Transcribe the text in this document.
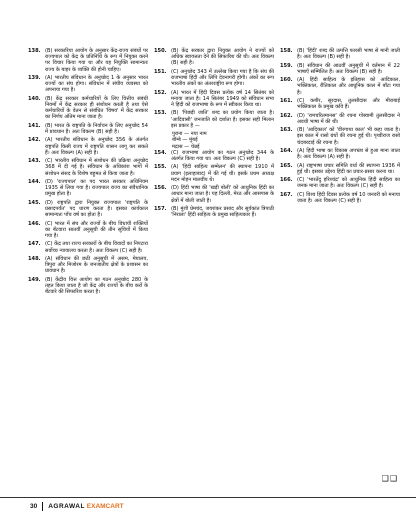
138. (B) सरकारिया आयोग के अनुसार केंद्र-राज्य संबंधों पर राज्यपाल को केंद्र के प्रतिनिधि के रूप में नियुक्त करने पर विचार किया गया था और यह नियुक्ति सामान्यतः राज्य के बाहर के व्यक्ति की होनी चाहिए।
139. (A) भारतीय संविधान के अनुच्छेद 1 के अनुसार भारत राज्यों का संघ होगा। संविधान में संघीय व्यवस्था को अपनाया गया है।
140. (B) केंद्र सरकार कर्मचारियों के लिए वित्तीय संबंधी नियमों में केंद्र सरकार ही संशोधन करती है तथा ऐसे कर्मचारियों के वेतन से संबंधित 'विषय' में केंद्र सरकार का निर्णय अंतिम माना जाता है।
141. (B) भारत के राष्ट्रपति के निर्वाचन के लिए अनुच्छेद 54 में प्रावधान है। अतः विकल्प (B) सही है।
142. (A) भारतीय संविधान के अनुच्छेद 356 के अंतर्गत राष्ट्रपति किसी राज्य में राष्ट्रपति शासन लागू कर सकते हैं। अतः विकल्प (A) सही है।
143. (C) भारतीय संविधान में संशोधन की प्रक्रिया अनुच्छेद 368 में दी गई है। संविधान के अधिकांश भागों में संशोधन संसद के विशेष बहुमत से किया जाता है।
144. (D) 'राज्यपाल' का पद भारत सरकार अधिनियम 1935 से लिया गया है। राज्यपाल राज्य का संवैधानिक प्रमुख होता है।
145. (D) राष्ट्रपति द्वारा नियुक्त राज्यपाल 'राष्ट्रपति के प्रसादपर्यंत' पद धारण करता है। इसका कार्यकाल सामान्यतः पाँच वर्ष का होता है।
146. (C) भारत में संघ और राज्यों के बीच विधायी शक्तियों का बँटवारा सातवीं अनुसूची की तीन सूचियों में किया गया है।
147. (C) केंद्र तथा राज्य सरकारों के बीच विवादों का निपटारा सर्वोच्च न्यायालय करता है। अतः विकल्प (C) सही है।
148. (A) संविधान की छठी अनुसूची में असम, मेघालय, त्रिपुरा और मिजोरम के जनजातीय क्षेत्रों के प्रशासन का प्रावधान है।
149. (B) केंद्रीय वित्त आयोग का गठन अनुच्छेद 280 के तहत किया जाता है जो केंद्र और राज्यों के बीच करों के बँटवारे की सिफारिश करता है।
150. (B) केंद्र सरकार द्वारा नियुक्त आयोग ने राज्यों को अधिक स्वायत्तता देने की सिफारिश की थी। अतः विकल्प (B) सही है।
151. (C) अनुच्छेद 343 में उल्लेख किया गया है कि संघ की राजभाषा हिंदी और लिपि देवनागरी होगी। अंकों का रूप भारतीय अंकों का अंतरराष्ट्रीय रूप होगा।
152. (A) भारत में हिंदी दिवस प्रत्येक वर्ष 14 सितंबर को मनाया जाता है। 14 सितंबर 1949 को संविधान सभा ने हिंदी को राजभाषा के रूप में स्वीकार किया था।
153. (B) 'पिछड़ी जाति' शब्द का प्रयोग किया जाता है। 'आदिवासी' जनजाति को दर्शाता है। इसका सही मिलान इस प्रकार है —
पुराना — नया नाम
बॉम्बे — मुंबई
मद्रास — चेन्नई
154. (C) राजभाषा आयोग का गठन अनुच्छेद 344 के अंतर्गत किया गया था। अतः विकल्प (C) सही है।
155. (A) 'हिंदी साहित्य सम्मेलन' की स्थापना 1910 में प्रयाग (इलाहाबाद) में की गई थी। इसके प्रथम अध्यक्ष मदन मोहन मालवीय थे।
156. (D) हिंदी भाषा की 'खड़ी बोली' को आधुनिक हिंदी का आधार माना जाता है। यह दिल्ली, मेरठ और आसपास के क्षेत्रों में बोली जाती है।
157. (B) मुंशी प्रेमचंद, जयशंकर प्रसाद और सूर्यकांत त्रिपाठी 'निराला' हिंदी साहित्य के प्रमुख साहित्यकार हैं।
158. (B) 'हिंदी' शब्द की उत्पत्ति फारसी भाषा से मानी जाती है। अतः विकल्प (B) सही है।
159. (B) संविधान की आठवीं अनुसूची में वर्तमान में 22 भाषाएँ सम्मिलित हैं। अतः विकल्प (B) सही है।
160. (A) हिंदी साहित्य के इतिहास को आदिकाल, भक्तिकाल, रीतिकाल और आधुनिक काल में बाँटा गया है।
161. (C) कबीर, सूरदास, तुलसीदास और मीराबाई भक्तिकाल के प्रमुख कवि हैं।
162. (D) 'रामचरितमानस' की रचना गोस्वामी तुलसीदास ने अवधी भाषा में की थी।
163. (B) 'आदिकाल' को 'वीरगाथा काल' भी कहा जाता है। इस काल में रासो ग्रंथों की रचना हुई थी। पृथ्वीराज रासो चंदबरदाई की रचना है।
164. (A) हिंदी भाषा का विकास अपभ्रंश से हुआ माना जाता है। अतः विकल्प (A) सही है।
165. (A) राष्ट्रभाषा प्रचार समिति वर्धा की स्थापना 1936 में हुई थी। इसका उद्देश्य हिंदी का प्रचार-प्रसार करना था।
166. (C) 'भारतेंदु हरिश्चंद्र' को आधुनिक हिंदी साहित्य का जनक माना जाता है। अतः विकल्प (C) सही है।
167. (C) विश्व हिंदी दिवस प्रत्येक वर्ष 10 जनवरी को मनाया जाता है। अतः विकल्प (C) सही है।
❑❑
30 AGRAWAL EXAMCART
